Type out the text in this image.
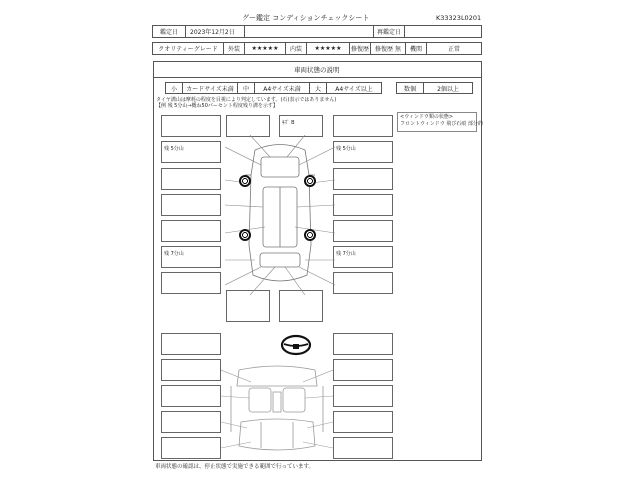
グー鑑定 コンディションチェックシート	K33323L0201
鑑定日	2023年12月2日	再鑑定日
クオリティーグレード	外装	★★★★★	内装	★★★★★	修復歴	修復歴 無	機関	正常
車両状態の説明
小	カードサイズ未満	中	A4サイズ未満	大	A4サイズ以上	数個	2個以上
タイヤ溝山は摩耗の程度を目視により判定しています。(石)表示ではありません)
【例 残 5分山→概ね50パーセント程度残り溝を示す】
<ウィンドウ類の状態>
フロントウィンドウ 飛び石痕 部分的
残 5分山
残 7分山
残 5分山
残 7分山
ｷｽﾞ B
車両状態の確認は、停止状態で実施できる範囲で行っています。
